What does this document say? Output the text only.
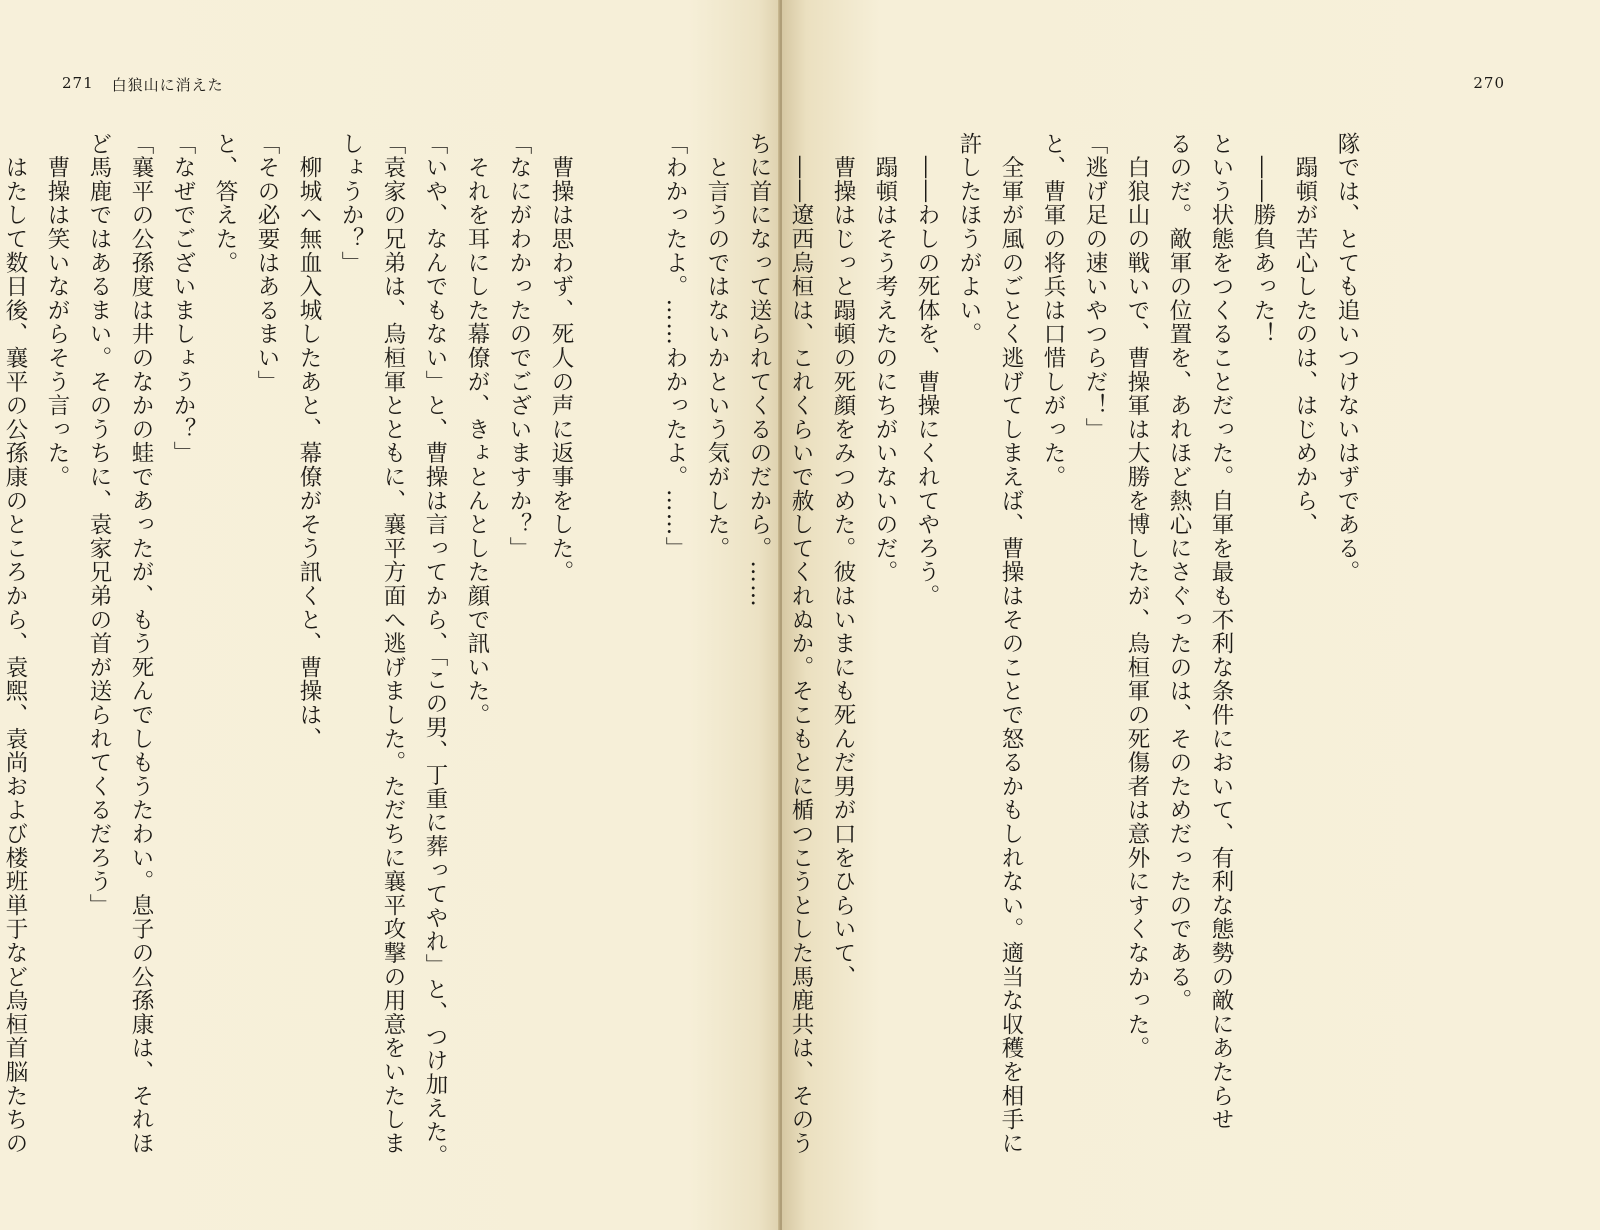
271 白狼山に消えた
　曹操は思わず、死人の声に返事をした。
「なにがわかったのでございますか？」
　それを耳にした幕僚が、きょとんとした顔で訊いた。
「いや、なんでもない」と、曹操は言ってから、「この男、丁重に葬ってやれ」と、つけ加えた。
「袁家の兄弟は、烏桓軍とともに、襄平方面へ逃げました。ただちに襄平攻撃の用意をいたしま
しょうか？」
　柳城へ無血入城したあと、幕僚がそう訊くと、曹操は、
「その必要はあるまい」
と、答えた。
「なぜでございましょうか？」
「襄平の公孫度は井のなかの蛙であったが、もう死んでしもうたわい。息子の公孫康は、それほ
ど馬鹿ではあるまい。そのうちに、袁家兄弟の首が送られてくるだろう」
　曹操は笑いながらそう言った。
　はたして数日後、襄平の公孫康のところから、袁煕、袁尚および楼班単于など烏桓首脳たちの
270
隊では、とても追いつけないはずである。
　蹋頓が苦心したのは、はじめから、
　――勝負あった！
という状態をつくることだった。自軍を最も不利な条件において、有利な態勢の敵にあたらせ
るのだ。敵軍の位置を、あれほど熱心にさぐったのは、そのためだったのである。
　白狼山の戦いで、曹操軍は大勝を博したが、烏桓軍の死傷者は意外にすくなかった。
「逃げ足の速いやつらだ！」
と、曹軍の将兵は口惜しがった。
　全軍が風のごとく逃げてしまえば、曹操はそのことで怒るかもしれない。適当な収穫を相手に
許したほうがよい。
　――わしの死体を、曹操にくれてやろう。
　蹋頓はそう考えたのにちがいないのだ。
　曹操はじっと蹋頓の死顔をみつめた。彼はいまにも死んだ男が口をひらいて、
　――遼西烏桓は、これくらいで赦してくれぬか。そこもとに楯つこうとした馬鹿共は、そのう
ちに首になって送られてくるのだから。……
　と言うのではないかという気がした。
「わかったよ。……わかったよ。……」
